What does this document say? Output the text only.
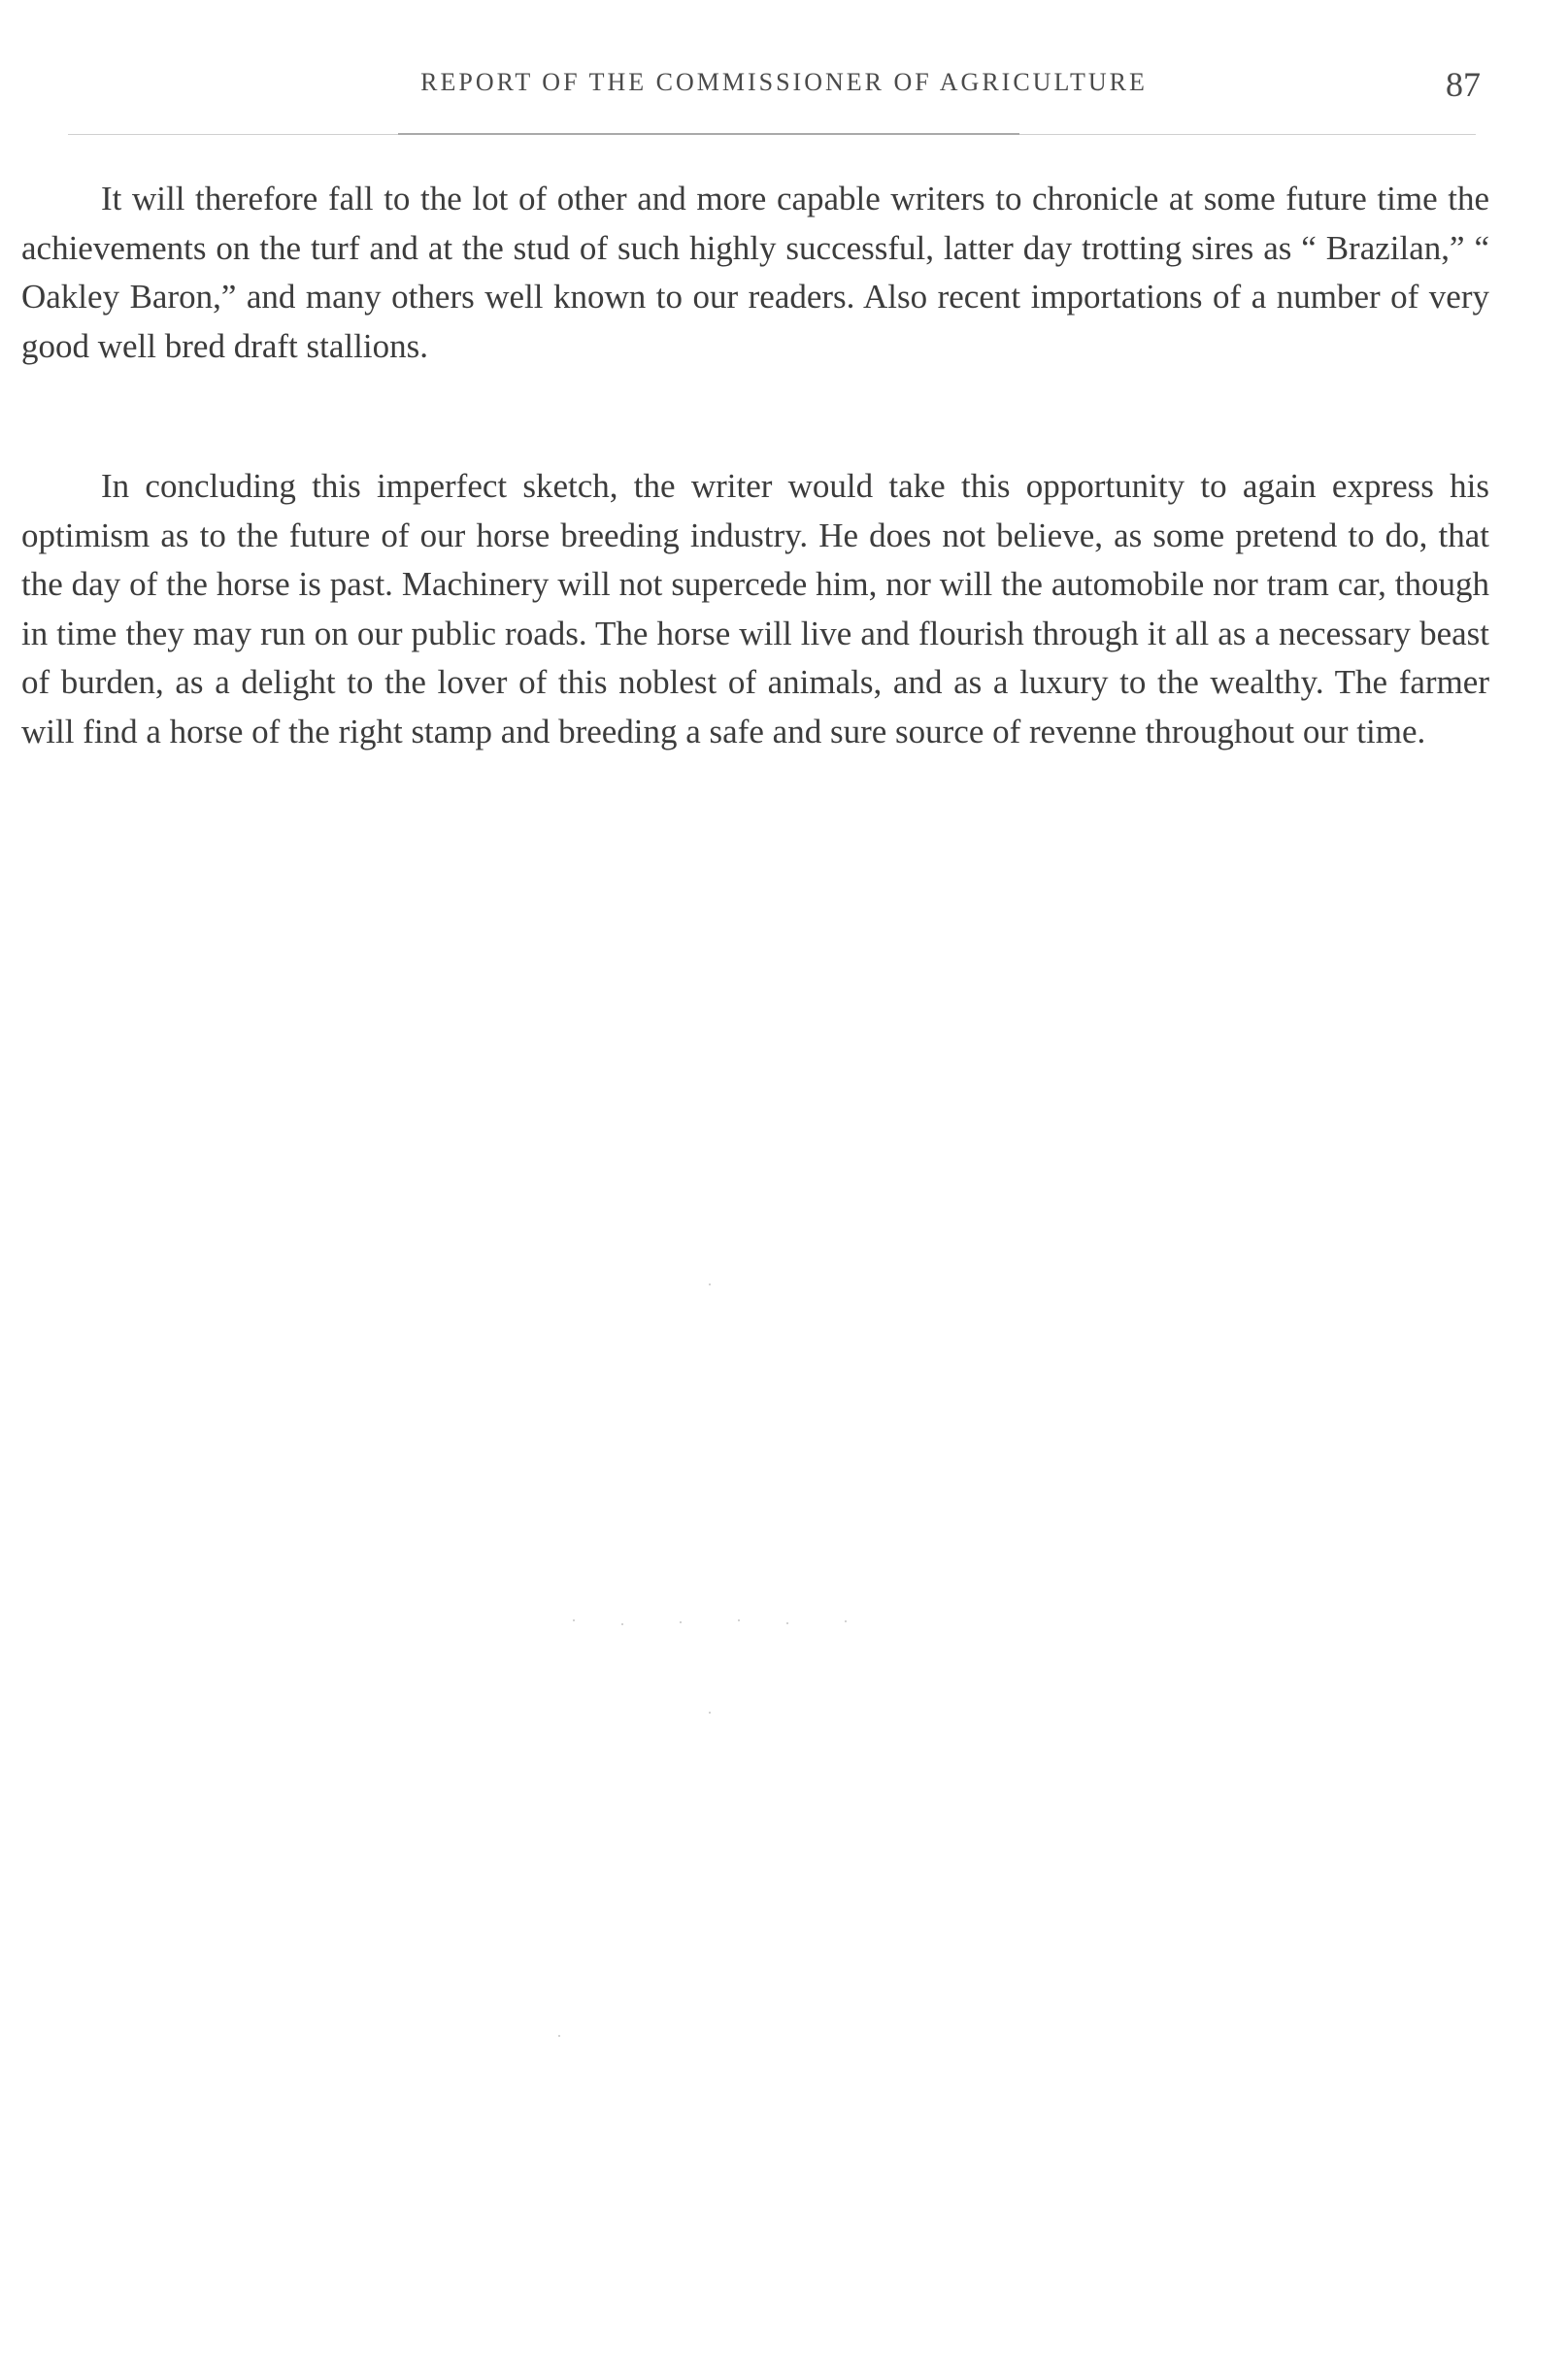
REPORT OF THE COMMISSIONER OF AGRICULTURE	87

It will therefore fall to the lot of other and more capable writers to chronicle at some future time the achievements on the turf and at the stud of such highly successful, latter day trotting sires as “ Brazilan,” “ Oakley Baron,” and many others well known to our readers. Also recent importations of a number of very good well bred draft stallions.

In concluding this imperfect sketch, the writer would take this opportunity to again express his optimism as to the future of our horse breeding industry. He does not believe, as some pretend to do, that the day of the horse is past. Machinery will not supercede him, nor will the automobile nor tram car, though in time they may run on our public roads. The horse will live and flourish through it all as a necessary beast of burden, as a delight to the lover of this noblest of animals, and as a luxury to the wealthy. The farmer will find a horse of the right stamp and breeding a safe and sure source of revenne throughout our time.
